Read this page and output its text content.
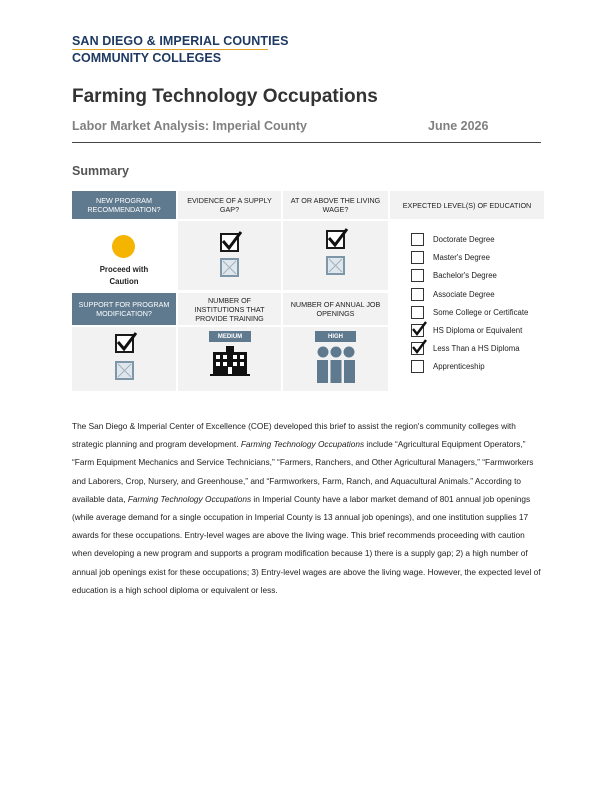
SAN DIEGO & IMPERIAL COUNTIES
COMMUNITY COLLEGES
Farming Technology Occupations
Labor Market Analysis: Imperial County	June 2026
Summary
NEW PROGRAM RECOMMENDATION?
EVIDENCE OF A SUPPLY GAP?
AT OR ABOVE THE LIVING WAGE?	EXPECTED LEVEL(S) OF EDUCATION
Proceed with
Caution
SUPPORT FOR PROGRAM MODIFICATION?
NUMBER OF INSTITUTIONS THAT PROVIDE TRAINING
NUMBER OF ANNUAL JOB OPENINGS
MEDIUM	HIGH
Doctorate Degree
Master's Degree
Bachelor's Degree
Associate Degree
Some College or Certificate
HS Diploma or Equivalent
Less Than a HS Diploma
Apprenticeship
The San Diego & Imperial Center of Excellence (COE) developed this brief to assist the region's community colleges with strategic planning and program development. Farming Technology Occupations include “Agricultural Equipment Operators,” “Farm Equipment Mechanics and Service Technicians,” “Farmers, Ranchers, and Other Agricultural Managers,” “Farmworkers and Laborers, Crop, Nursery, and Greenhouse,” and “Farmworkers, Farm, Ranch, and Aquacultural Animals.” According to available data, Farming Technology Occupations in Imperial County have a labor market demand of 801 annual job openings (while average demand for a single occupation in Imperial County is 13 annual job openings), and one institution supplies 17 awards for these occupations. Entry-level wages are above the living wage. This brief recommends proceeding with caution when developing a new program and supports a program modification because 1) there is a supply gap; 2) a high number of annual job openings exist for these occupations; 3) Entry-level wages are above the living wage. However, the expected level of education is a high school diploma or equivalent or less.
